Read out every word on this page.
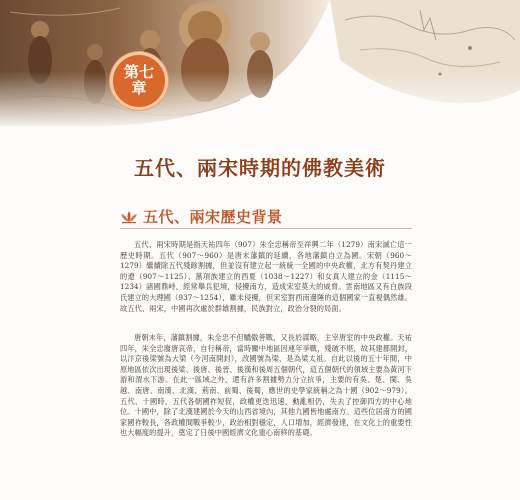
第七
章
五代、兩宋時期的佛教美術
五代、兩宋歷史背景

五代、兩宋時期是指天祐四年（907）朱全忠稱帝至祥興二年（1279）南宋滅亡這一歷史時期。五代（907～960）是唐末藩鎮的延續，各地藩鎮自立為國。宋朝（960～1279）繼續除五代殘餘割據，但並沒有建立起一統統一全國的中央政權，北方有契丹建立的遼（907～1125）、黨項族建立的西夏（1038～1227）和女真人建立的金（1115～1234）諸國鼎峙，經常舉兵犯境，侵擾南方，造成宋室莫大的威脅。雲南地區又有白族段氏建立的大理國（937～1254），雖未侵擾，但宋室對西南邊陲的這個國家一直視偶然雄。故五代、兩宋，中國再次處於群雄割據，民族對立，政治分裂的局面。

唐朝末年，藩鎮割據，朱全忠不但驕傲善戰，又長於謀略，主宰唐室的中央政權。天祐四年，朱全忠廢唐哀帝，自行稱帝，當時關中地區因連年爭戰，殘破不堪，故其建都開封，以汴京後梁號為大梁（今河南開封），改國號為梁，是為梁太祖。自此以後的五十年間，中原地區依次出現後梁、後唐、後晉、後漢和後周五個朝代，這五個朝代的領域主要為黃河下游和渭水下游。在此一區域之外，還有許多割據勢力分立抗爭，主要的有吳、楚、閩、吳越、南唐、南漢、北漢、荊南、前蜀、後蜀，應世的史學家統稱之為十國（902～979）。五代、十國時，五代各朝國祚短促，政權更迭迅速，動亂相仍，失去了控御四方的中心地位。十國中，除了北漢建國於今天的山西省境內，其他九國皆地處南方。這些位居南方的國家國祚較長，各政權間戰爭較少，政治相對穩定，人口增加，經濟發達，在文化上的重要性也大幅度的提升，奠定了日後中國經濟文化重心南移的基礎。
